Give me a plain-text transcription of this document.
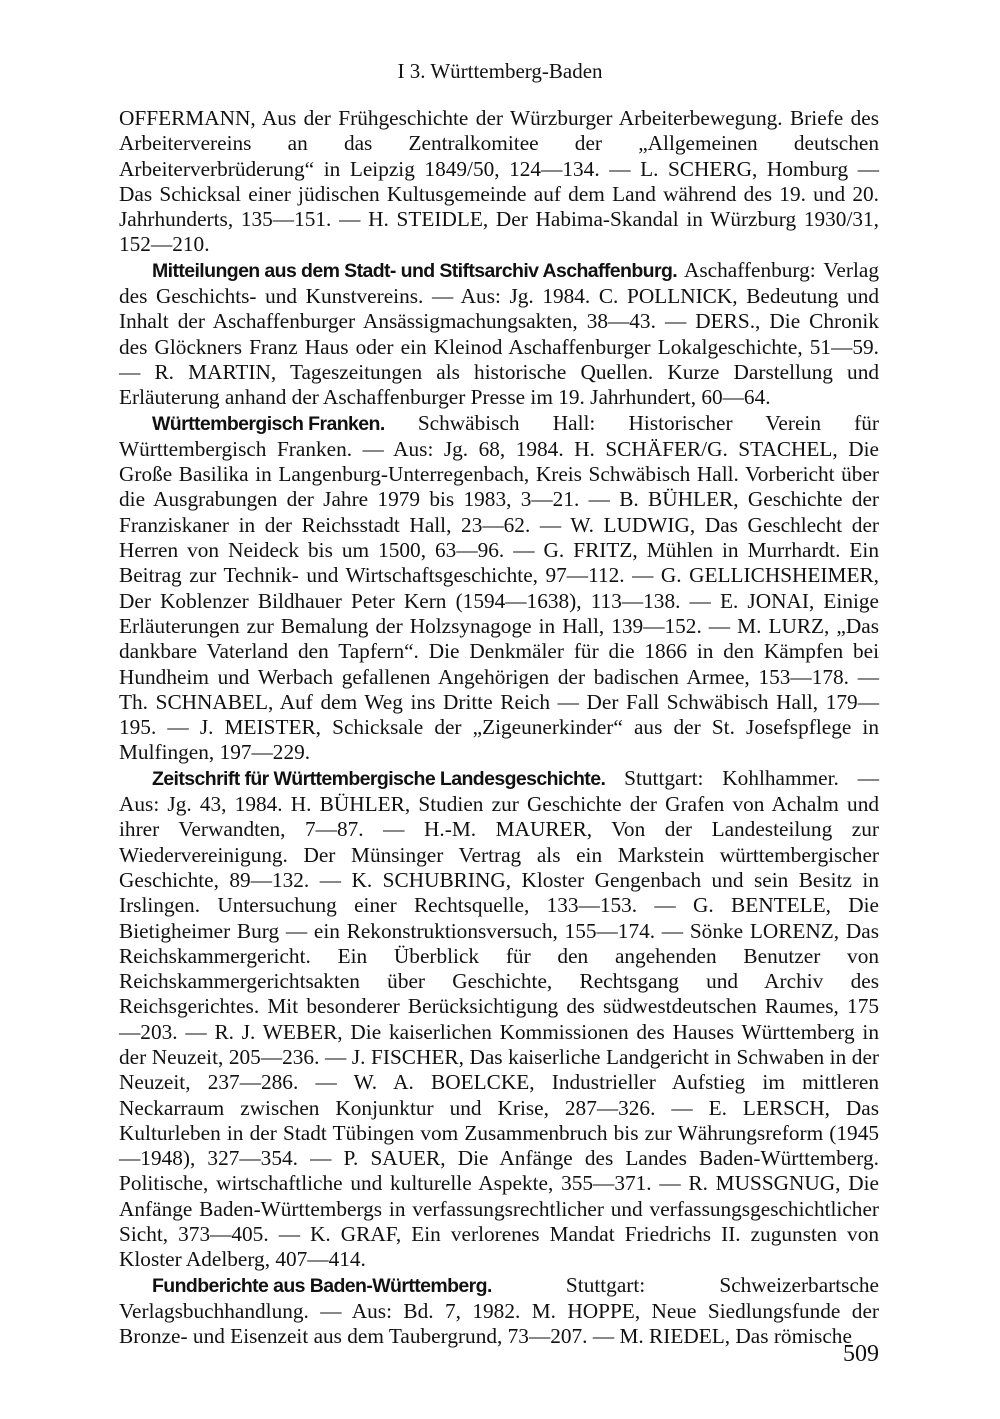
I 3. Württemberg-Baden

OFFERMANN, Aus der Frühgeschichte der Würzburger Arbeiterbewegung. Briefe des Arbeitervereins an das Zentralkomitee der „Allgemeinen deutschen Arbeiterverbrüderung“ in Leipzig 1849/50, 124—134. — L. SCHERG, Homburg — Das Schicksal einer jüdischen Kultusgemeinde auf dem Land während des 19. und 20. Jahrhunderts, 135—151. — H. STEIDLE, Der Habima-Skandal in Würzburg 1930/31, 152—210.

Mitteilungen aus dem Stadt- und Stiftsarchiv Aschaffenburg. Aschaffenburg: Verlag des Geschichts- und Kunstvereins. — Aus: Jg. 1984. C. POLLNICK, Bedeutung und Inhalt der Aschaffenburger Ansässigmachungsakten, 38—43. — DERS., Die Chronik des Glöckners Franz Haus oder ein Kleinod Aschaffenburger Lokalgeschichte, 51—59. — R. MARTIN, Tageszeitungen als historische Quellen. Kurze Darstellung und Erläuterung anhand der Aschaffenburger Presse im 19. Jahrhundert, 60—64.

Württembergisch Franken. Schwäbisch Hall: Historischer Verein für Württembergisch Franken. — Aus: Jg. 68, 1984. H. SCHÄFER/G. STACHEL, Die Große Basilika in Langenburg-Unterregenbach, Kreis Schwäbisch Hall. Vorbericht über die Ausgrabungen der Jahre 1979 bis 1983, 3—21. — B. BÜHLER, Geschichte der Franziskaner in der Reichsstadt Hall, 23—62. — W. LUDWIG, Das Geschlecht der Herren von Neideck bis um 1500, 63—96. — G. FRITZ, Mühlen in Murrhardt. Ein Beitrag zur Technik- und Wirtschaftsgeschichte, 97—112. — G. GELLICHSHEIMER, Der Koblenzer Bildhauer Peter Kern (1594—1638), 113—138. — E. JONAI, Einige Erläuterungen zur Bemalung der Holzsynagoge in Hall, 139—152. — M. LURZ, „Das dankbare Vaterland den Tapfern“. Die Denkmäler für die 1866 in den Kämpfen bei Hundheim und Werbach gefallenen Angehörigen der badischen Armee, 153—178. — Th. SCHNABEL, Auf dem Weg ins Dritte Reich — Der Fall Schwäbisch Hall, 179—195. — J. MEISTER, Schicksale der „Zigeunerkinder“ aus der St. Josefspflege in Mulfingen, 197—229.

Zeitschrift für Württembergische Landesgeschichte. Stuttgart: Kohlhammer. — Aus: Jg. 43, 1984. H. BÜHLER, Studien zur Geschichte der Grafen von Achalm und ihrer Verwandten, 7—87. — H.-M. MAURER, Von der Landesteilung zur Wiedervereinigung. Der Münsinger Vertrag als ein Markstein württembergischer Geschichte, 89—132. — K. SCHUBRING, Kloster Gengenbach und sein Besitz in Irslingen. Untersuchung einer Rechtsquelle, 133—153. — G. BENTELE, Die Bietigheimer Burg — ein Rekonstruktionsversuch, 155—174. — Sönke LORENZ, Das Reichskammergericht. Ein Überblick für den angehenden Benutzer von Reichskammergerichtsakten über Geschichte, Rechtsgang und Archiv des Reichsgerichtes. Mit besonderer Berücksichtigung des südwestdeutschen Raumes, 175—203. — R. J. WEBER, Die kaiserlichen Kommissionen des Hauses Württemberg in der Neuzeit, 205—236. — J. FISCHER, Das kaiserliche Landgericht in Schwaben in der Neuzeit, 237—286. — W. A. BOELCKE, Industrieller Aufstieg im mittleren Neckarraum zwischen Konjunktur und Krise, 287—326. — E. LERSCH, Das Kulturleben in der Stadt Tübingen vom Zusammenbruch bis zur Währungsreform (1945—1948), 327—354. — P. SAUER, Die Anfänge des Landes Baden-Württemberg. Politische, wirtschaftliche und kulturelle Aspekte, 355—371. — R. MUSSGNUG, Die Anfänge Baden-Württembergs in verfassungsrechtlicher und verfassungsgeschichtlicher Sicht, 373—405. — K. GRAF, Ein verlorenes Mandat Friedrichs II. zugunsten von Kloster Adelberg, 407—414.

Fundberichte aus Baden-Württemberg. Stuttgart: Schweizerbartsche Verlagsbuchhandlung. — Aus: Bd. 7, 1982. M. HOPPE, Neue Siedlungsfunde der Bronze- und Eisenzeit aus dem Taubergrund, 73—207. — M. RIEDEL, Das römische

509
